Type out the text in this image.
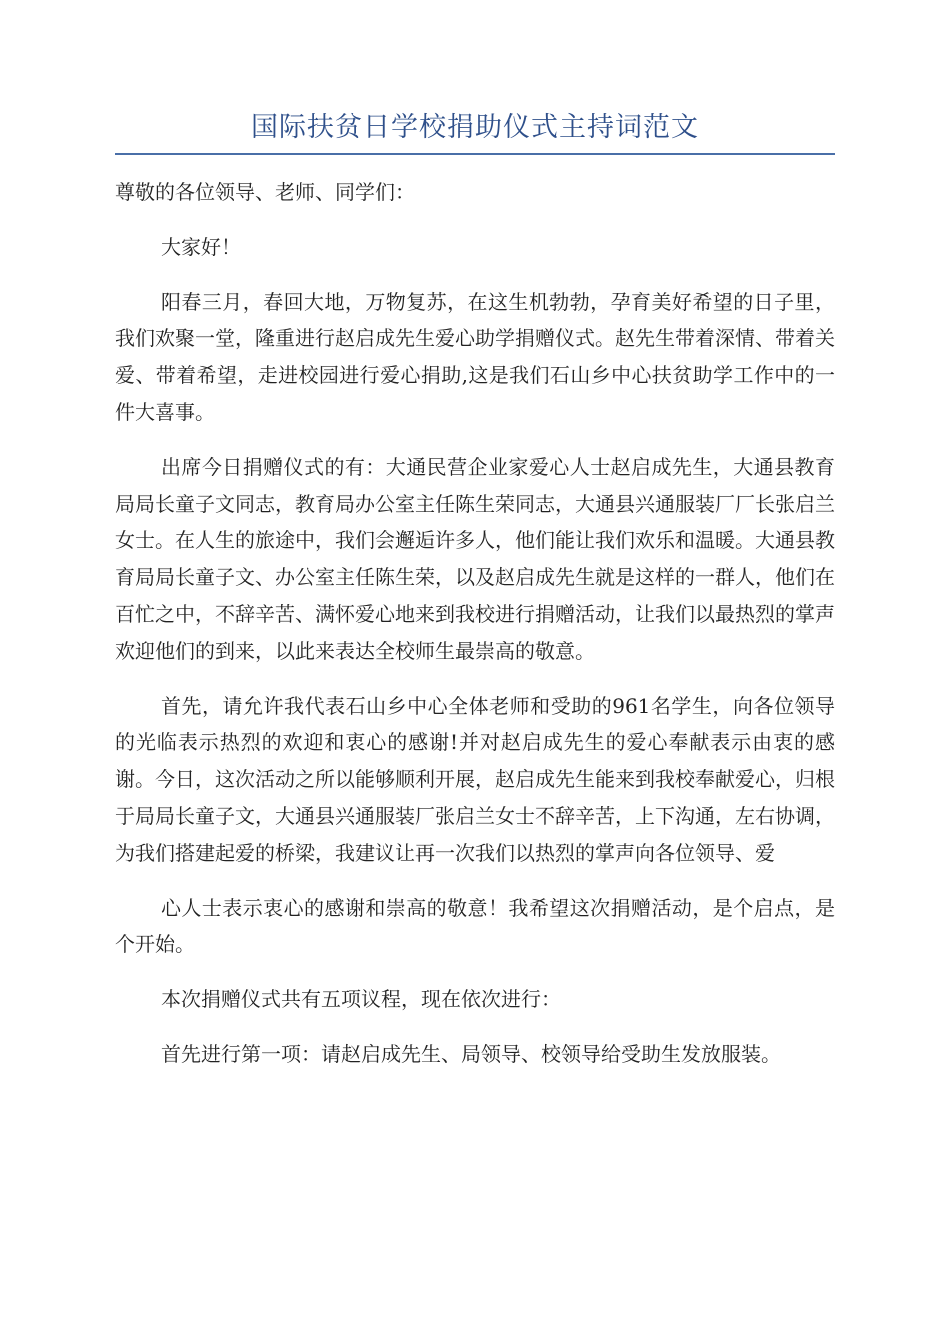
国际扶贫日学校捐助仪式主持词范文

尊敬的各位领导、老师、同学们：

大家好！

阳春三月，春回大地，万物复苏，在这生机勃勃，孕育美好希望的日子里，我们欢聚一堂，隆重进行赵启成先生爱心助学捐赠仪式。赵先生带着深情、带着关爱、带着希望，走进校园进行爱心捐助,这是我们石山乡中心扶贫助学工作中的一件大喜事。

出席今日捐赠仪式的有：大通民营企业家爱心人士赵启成先生，大通县教育局局长童子文同志，教育局办公室主任陈生荣同志，大通县兴通服装厂厂长张启兰女士。在人生的旅途中，我们会邂逅许多人，他们能让我们欢乐和温暖。大通县教育局局长童子文、办公室主任陈生荣，以及赵启成先生就是这样的一群人，他们在百忙之中，不辞辛苦、满怀爱心地来到我校进行捐赠活动，让我们以最热烈的掌声欢迎他们的到来，以此来表达全校师生最崇高的敬意。

首先，请允许我代表石山乡中心全体老师和受助的961名学生，向各位领导的光临表示热烈的欢迎和衷心的感谢!并对赵启成先生的爱心奉献表示由衷的感谢。今日，这次活动之所以能够顺利开展，赵启成先生能来到我校奉献爱心，归根于局局长童子文，大通县兴通服装厂张启兰女士不辞辛苦，上下沟通，左右协调，为我们搭建起爱的桥梁，我建议让再一次我们以热烈的掌声向各位领导、爱

心人士表示衷心的感谢和崇高的敬意！我希望这次捐赠活动，是个启点，是个开始。

本次捐赠仪式共有五项议程，现在依次进行：

首先进行第一项：请赵启成先生、局领导、校领导给受助生发放服装。
